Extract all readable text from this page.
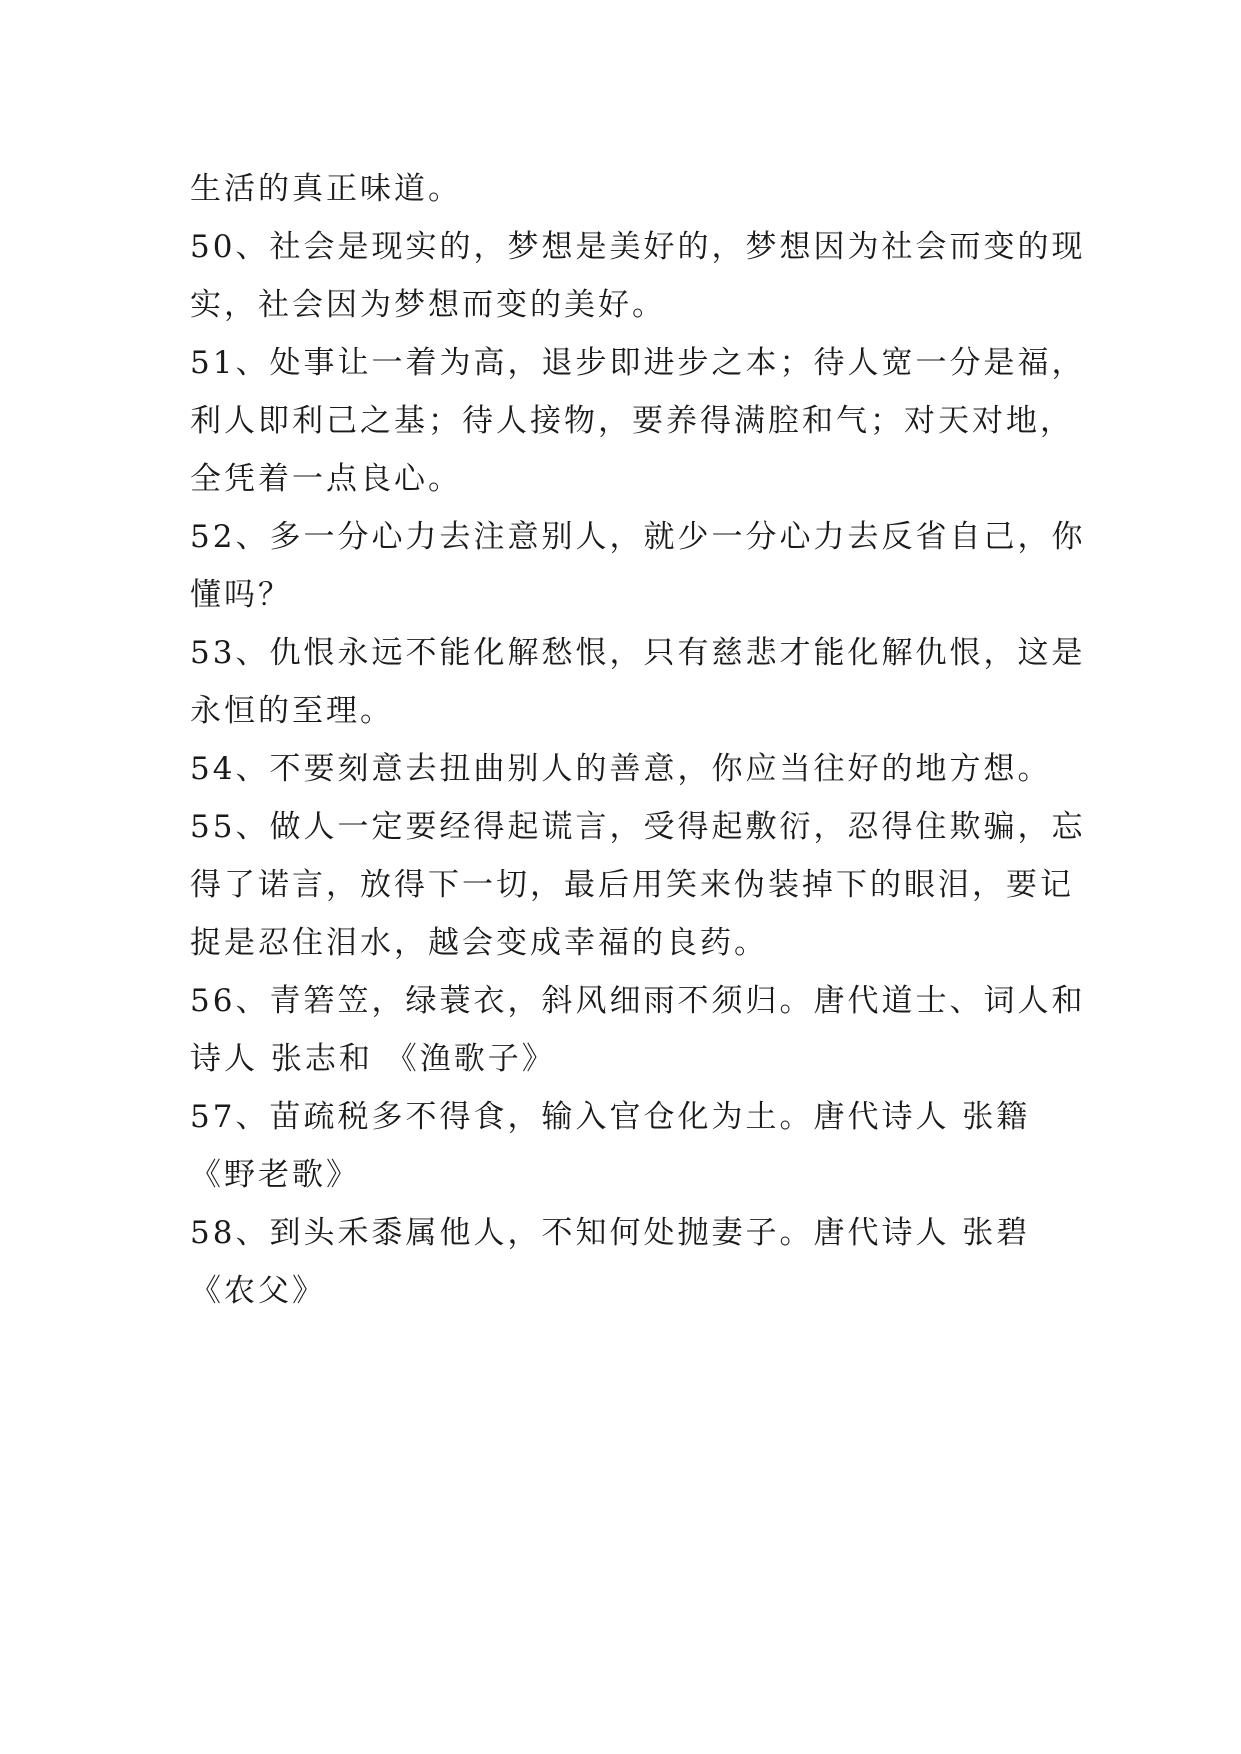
生活的真正味道。
50、社会是现实的，梦想是美好的，梦想因为社会而变的现
实，社会因为梦想而变的美好。
51、处事让一着为高，退步即进步之本；待人宽一分是福，
利人即利己之基；待人接物，要养得满腔和气；对天对地，
全凭着一点良心。
52、多一分心力去注意别人，就少一分心力去反省自己，你
懂吗？
53、仇恨永远不能化解愁恨，只有慈悲才能化解仇恨，这是
永恒的至理。
54、不要刻意去扭曲别人的善意，你应当往好的地方想。
55、做人一定要经得起谎言，受得起敷衍，忍得住欺骗，忘
得了诺言，放得下一切，最后用笑来伪装掉下的眼泪，要记
捉是忍住泪水，越会变成幸福的良药。
56、青箬笠，绿蓑衣，斜风细雨不须归。唐代道士、词人和
诗人 张志和 《渔歌子》
57、苗疏税多不得食，输入官仓化为土。唐代诗人 张籍
《野老歌》
58、到头禾黍属他人，不知何处抛妻子。唐代诗人 张碧
《农父》
